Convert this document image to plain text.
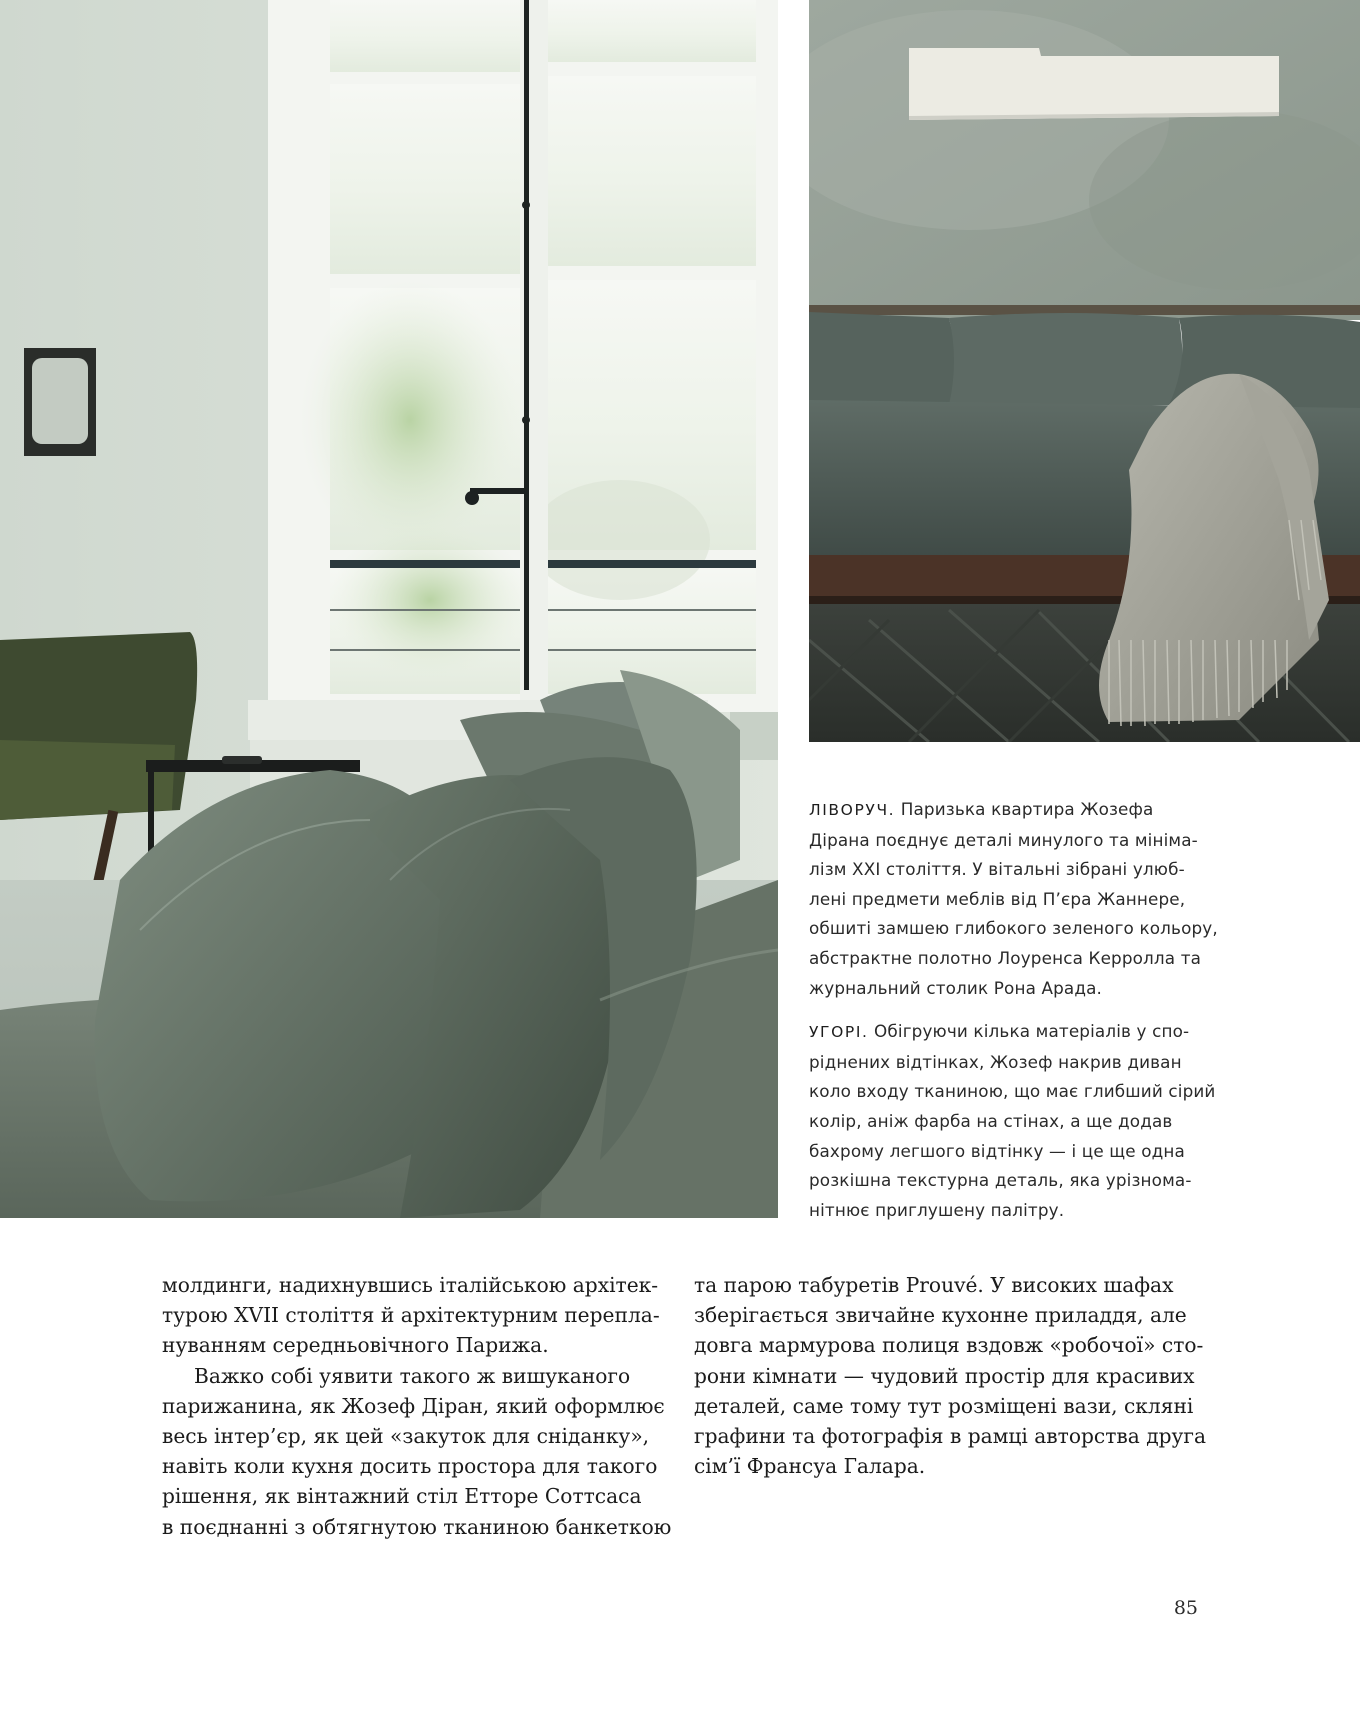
ЛІВОРУЧ. Паризька квартира Жозефа
Дірана поєднує деталі минулого та мініма-
лізм XXI століття. У вітальні зібрані улюб-
лені предмети меблів від П’єра Жаннере,
обшиті замшею глибокого зеленого кольору,
абстрактне полотно Лоуренса Керролла та
журнальний столик Рона Арада.

УГОРІ. Обігруючи кілька матеріалів у спо-
ріднених відтінках, Жозеф накрив диван
коло входу тканиною, що має глибший сірий
колір, аніж фарба на стінах, а ще додав
бахрому легшого відтінку — і це ще одна
розкішна текстурна деталь, яка урізнома-
нітнює приглушену палітру.

молдинги, надихнувшись італійською архітек-
турою XVII століття й архітектурним перепла-
нуванням середньовічного Парижа.
Важко собі уявити такого ж вишуканого
парижанина, як Жозеф Діран, який оформлює
весь інтер’єр, як цей «закуток для сніданку»,
навіть коли кухня досить простора для такого
рішення, як вінтажний стіл Етторе Соттсаса
в поєднанні з обтягнутою тканиною банкеткою
та парою табуретів Prouvé. У високих шафах
зберігається звичайне кухонне приладдя, але
довга мармурова полиця вздовж «робочої» сто-
рони кімнати — чудовий простір для красивих
деталей, саме тому тут розміщені вази, скляні
графини та фотографія в рамці авторства друга
сім’ї Франсуа Галара.
85
